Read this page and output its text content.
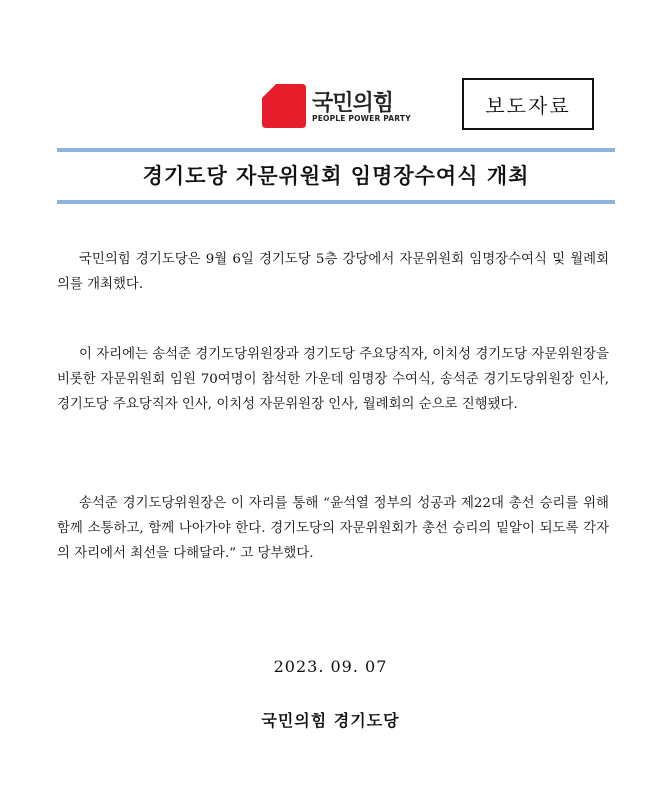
국민의힘
PEOPLE POWER PARTY
보도자료
경기도당 자문위원회 임명장수여식 개최

국민의힘 경기도당은 9월 6일 경기도당 5층 강당에서 자문위원회 임명장수여식 및 월례회의를 개최했다.

이 자리에는 송석준 경기도당위원장과 경기도당 주요당직자, 이치성 경기도당 자문위원장을 비롯한 자문위원회 임원 70여명이 참석한 가운데 임명장 수여식, 송석준 경기도당위원장 인사, 경기도당 주요당직자 인사, 이치성 자문위원장 인사, 월례회의 순으로 진행됐다.

송석준 경기도당위원장은 이 자리를 통해 “윤석열 정부의 성공과 제22대 총선 승리를 위해 함께 소통하고, 함께 나아가야 한다. 경기도당의 자문위원회가 총선 승리의 밑알이 되도록 각자의 자리에서 최선을 다해달라.” 고 당부했다.

2023. 09. 07
국민의힘 경기도당
